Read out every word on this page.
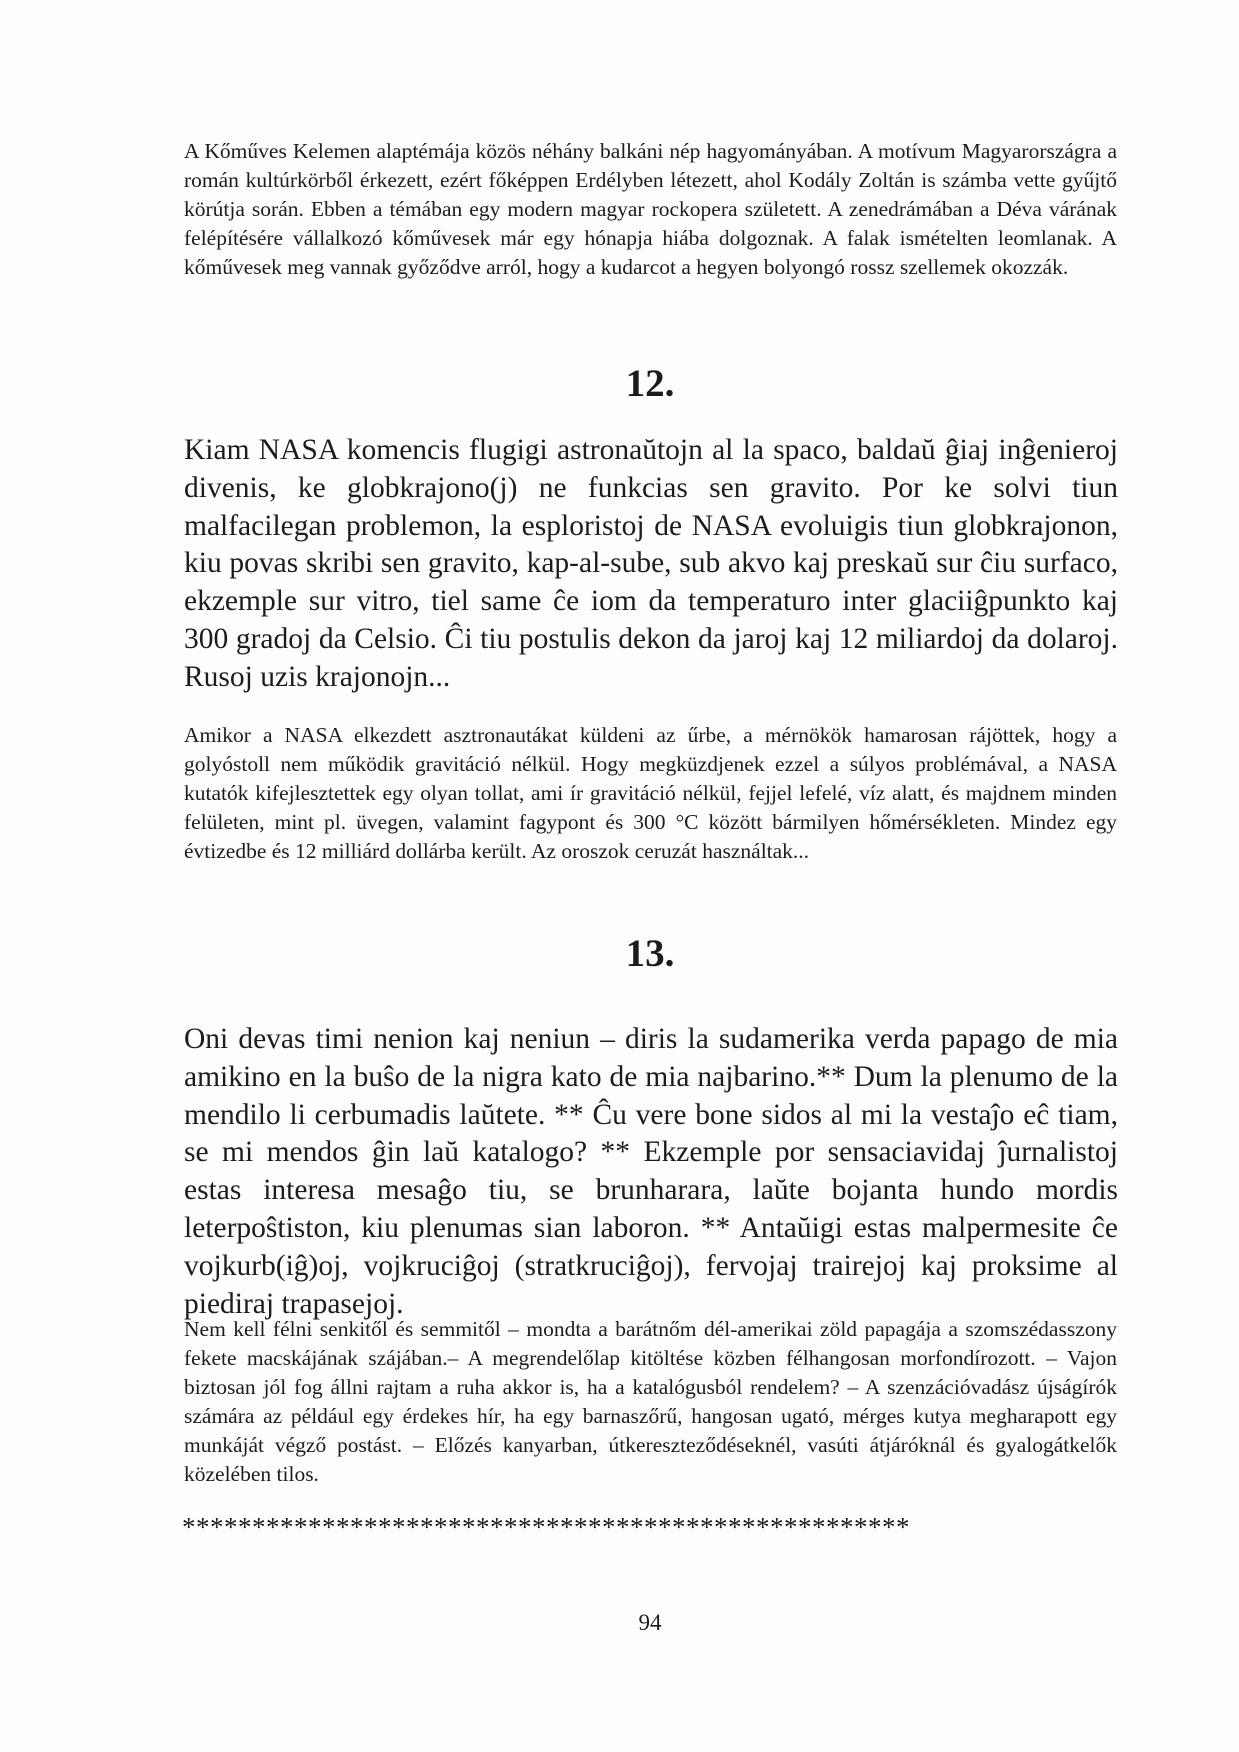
A Kőműves Kelemen alaptémája közös néhány balkáni nép hagyományában. A motívum Magyarországra a román kultúrkörből érkezett, ezért főképpen Erdélyben létezett, ahol Kodály Zoltán is számba vette gyűjtő körútja során. Ebben a témában egy modern magyar rockopera született. A zenedrámában a Déva várának felépítésére vállalkozó kőművesek már egy hónapja hiába dolgoznak. A falak ismételten leomlanak. A kőművesek meg vannak győződve arról, hogy a kudarcot a hegyen bolyongó rossz szellemek okozzák.

12.

Kiam NASA komencis flugigi astronaŭtojn al la spaco, baldaŭ ĝiaj inĝenieroj divenis, ke globkrajono(j) ne funkcias sen gravito. Por ke solvi tiun malfacilegan problemon, la esploristoj de NASA evoluigis tiun globkrajonon, kiu povas skribi sen gravito, kap-al-sube, sub akvo kaj preskaŭ sur ĉiu surfaco, ekzemple sur vitro, tiel same ĉe iom da temperaturo inter glaciiĝpunkto kaj 300 gradoj da Celsio. Ĉi tiu postulis dekon da jaroj kaj 12 miliardoj da dolaroj. Rusoj uzis krajonojn...

Amikor a NASA elkezdett asztronautákat küldeni az űrbe, a mérnökök hamarosan rájöttek, hogy a golyóstoll nem működik gravitáció nélkül. Hogy megküzdjenek ezzel a súlyos problémával, a NASA kutatók kifejlesztettek egy olyan tollat, ami ír gravitáció nélkül, fejjel lefelé, víz alatt, és majdnem minden felületen, mint pl. üvegen, valamint fagypont és 300 °C között bármilyen hőmérsékleten. Mindez egy évtizedbe és 12 milliárd dollárba került. Az oroszok ceruzát használtak...

13.

Oni devas timi nenion kaj neniun – diris la sudamerika verda papago de mia amikino en la buŝo de la nigra kato de mia najbarino.** Dum la plenumo de la mendilo li cerbumadis laŭtete. ** Ĉu vere bone sidos al mi la vestaĵo eĉ tiam, se mi mendos ĝin laŭ katalogo? ** Ekzemple por sensaciavidaj ĵurnalistoj estas interesa mesaĝo tiu, se brunharara, laŭte bojanta hundo mordis leterpoŝtiston, kiu plenumas sian laboron. ** Antaŭigi estas malpermesite ĉe vojkurb(iĝ)oj, vojkruciĝoj (stratkruciĝoj), fervojaj trairejoj kaj proksime al piediraj trapasejoj.

Nem kell félni senkitől és semmitől – mondta a barátnőm dél-amerikai zöld papagája a szomszédasszony fekete macskájának szájában.– A megrendelőlap kitöltése közben félhangosan morfondírozott. – Vajon biztosan jól fog állni rajtam a ruha akkor is, ha a katalógusból rendelem? – A szenzációvadász újságírók számára az például egy érdekes hír, ha egy barnaszőrű, hangosan ugató, mérges kutya megharapott egy munkáját végző postást. – Előzés kanyarban, útkereszteződéseknél, vasúti átjáróknál és gyalogátkelők közelében tilos.

****************************************************
94
